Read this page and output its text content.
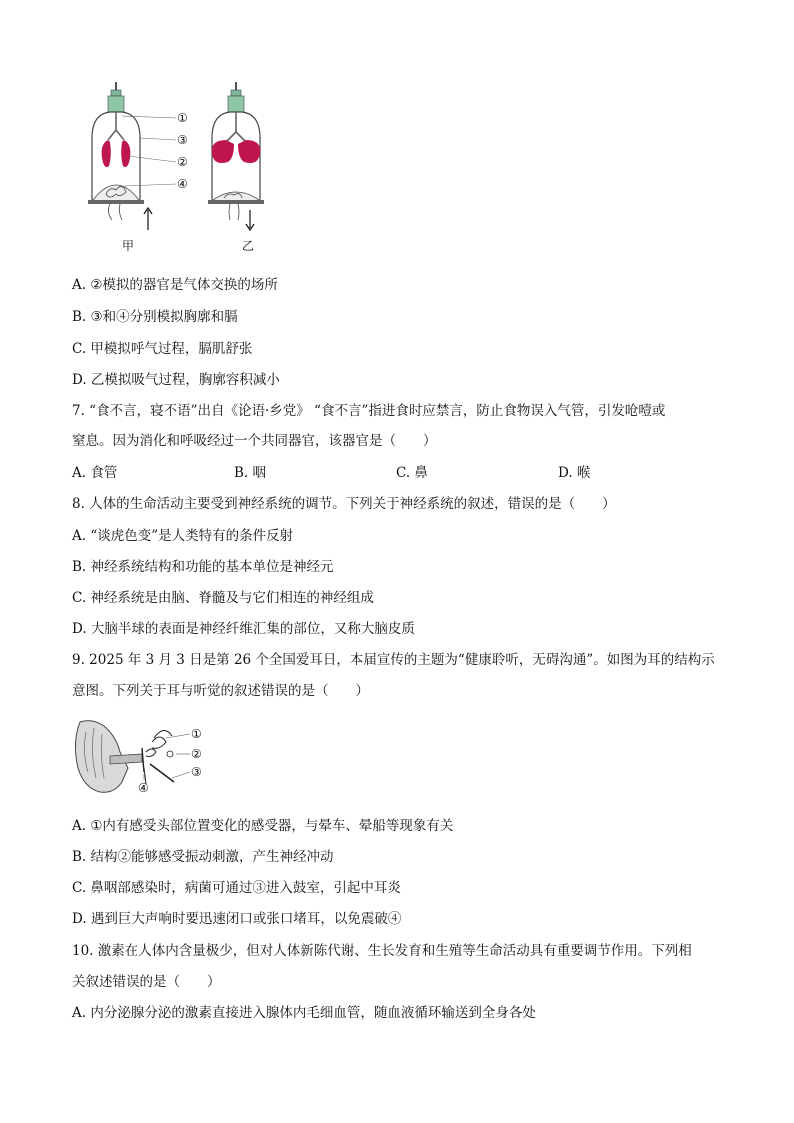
①
③
②
④
甲	乙
A. ②模拟的器官是气体交换的场所
B. ③和④分别模拟胸廓和膈
C. 甲模拟呼气过程，膈肌舒张
D. 乙模拟吸气过程，胸廓容积减小
7. “食不言，寝不语”出自《论语·乡党》 “食不言”指进食时应禁言，防止食物误入气管，引发呛噎或
窒息。因为消化和呼吸经过一个共同器官，该器官是（　　）
A. 食管	B. 咽	C. 鼻	D. 喉
8. 人体的生命活动主要受到神经系统的调节。下列关于神经系统的叙述，错误的是（　　）
A. “谈虎色变”是人类特有的条件反射
B. 神经系统结构和功能的基本单位是神经元
C. 神经系统是由脑、脊髓及与它们相连的神经组成
D. 大脑半球的表面是神经纤维汇集的部位，又称大脑皮质
9. 2025 年 3 月 3 日是第 26 个全国爱耳日，本届宣传的主题为“健康聆听，无碍沟通”。如图为耳的结构示
意图。下列关于耳与听觉的叙述错误的是（　　）
①
②
③
④
A. ①内有感受头部位置变化的感受器，与晕车、晕船等现象有关
B. 结构②能够感受振动刺激，产生神经冲动
C. 鼻咽部感染时，病菌可通过③进入鼓室，引起中耳炎
D. 遇到巨大声响时要迅速闭口或张口堵耳，以免震破④
10. 激素在人体内含量极少，但对人体新陈代谢、生长发育和生殖等生命活动具有重要调节作用。下列相
关叙述错误的是（　　）
A. 内分泌腺分泌的激素直接进入腺体内毛细血管，随血液循环输送到全身各处
